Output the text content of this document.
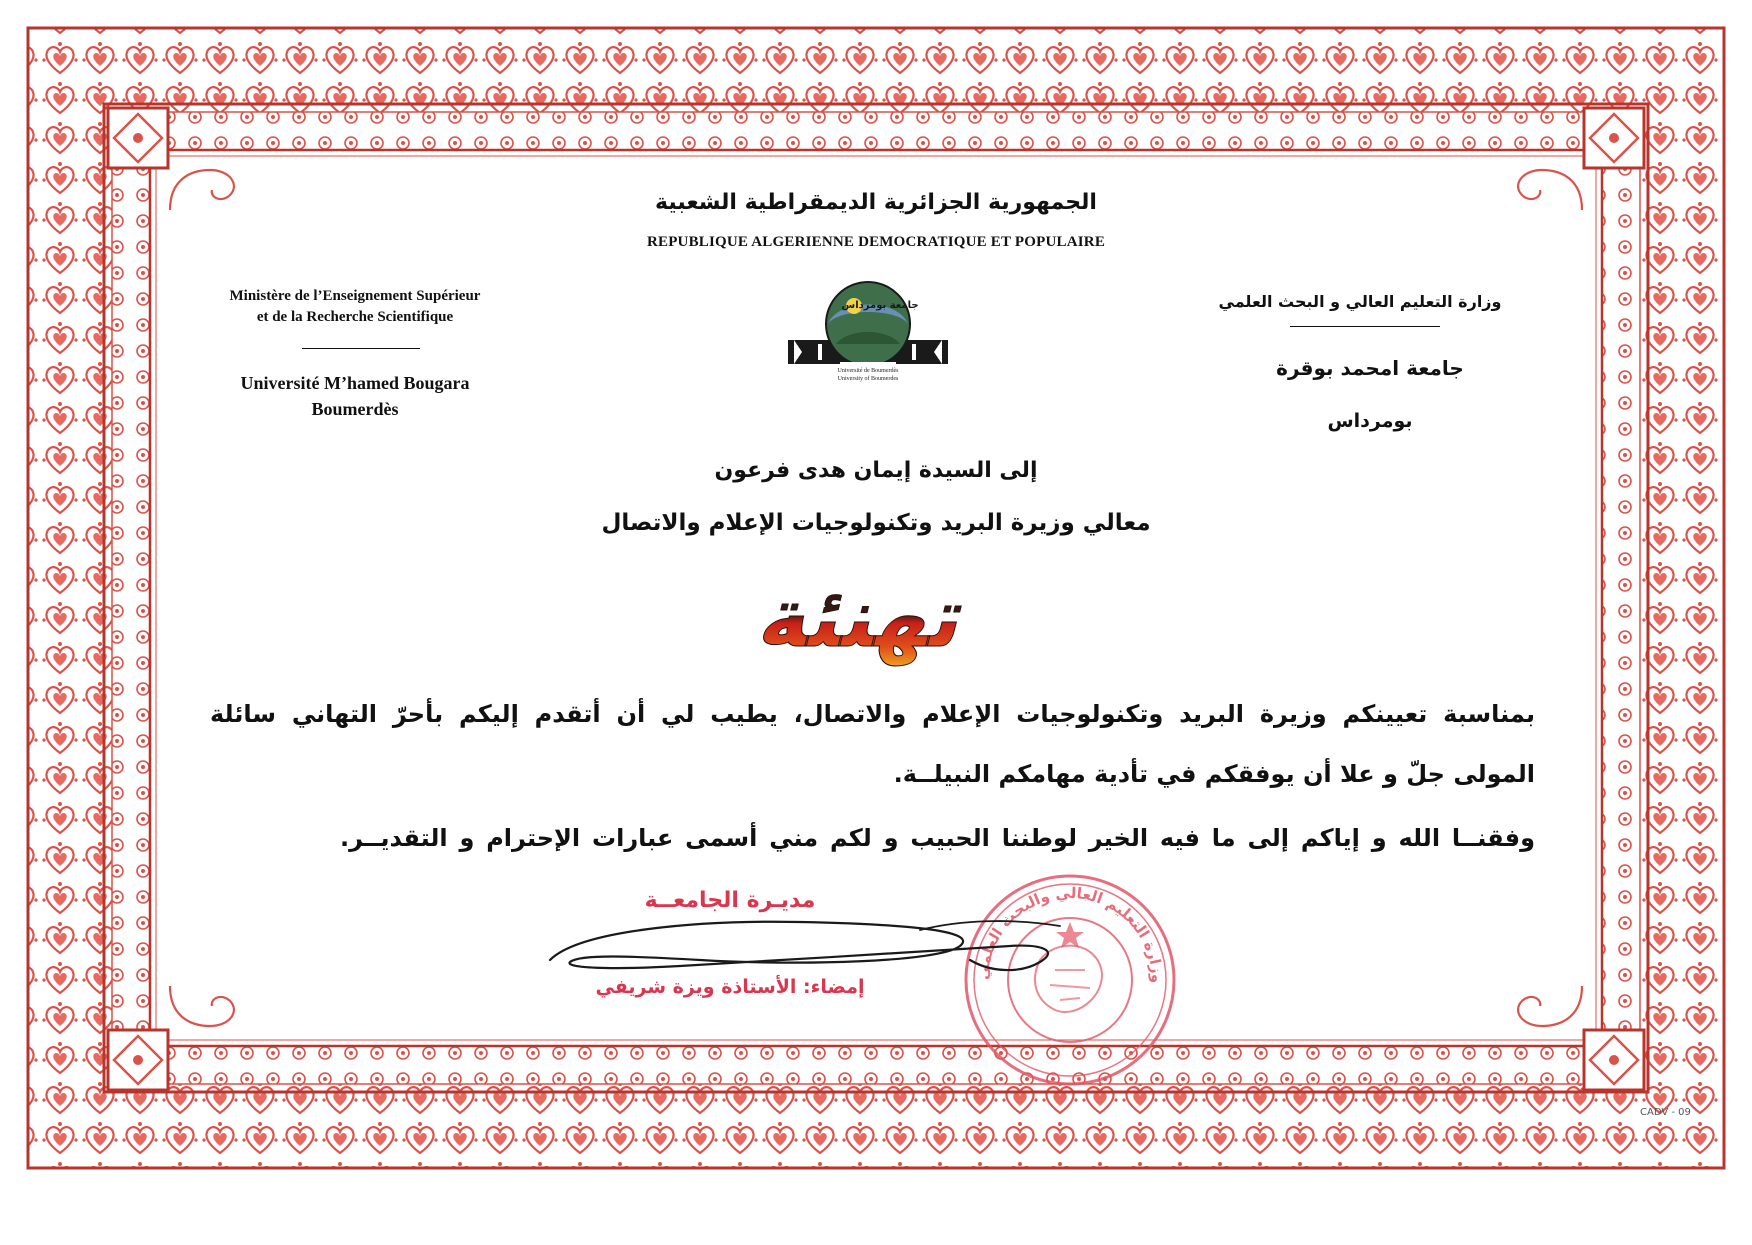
الجمهورية الجزائرية الديمقراطية الشعبية
REPUBLIQUE ALGERIENNE DEMOCRATIQUE ET POPULAIRE
Ministère de l’Enseignement Supérieur
et de la Recherche Scientifique
Université M’hamed Bougara
Boumerdès
وزارة التعليم العالي و البحث العلمي
جامعة امحمد بوقرة
بومرداس
جامعة بومرداس
Université de Boumerdès
University of Boumerdes
إلى السيدة إيمان هدى فرعون
معالي وزيرة البريد وتكنولوجيات الإعلام والاتصال
تهنئة
بمناسبة تعيينكم وزيرة البريد وتكنولوجيات الإعلام والاتصال، يطيب لي أن أتقدم إليكم بأحرّ التهاني سائلة
المولى جلّ و علا أن يوفقكم في تأدية مهامكم النبيلــة.
وفقنــا الله و إياكم إلى ما فيه الخير لوطننا الحبيب و لكم مني أسمى عبارات الإحترام و التقديــر.
وزارة التعليم العالي والبحث العلمي
مديـرة الجامعــة
إمضاء: الأستاذة ويزة شريفي
CADV - 09
